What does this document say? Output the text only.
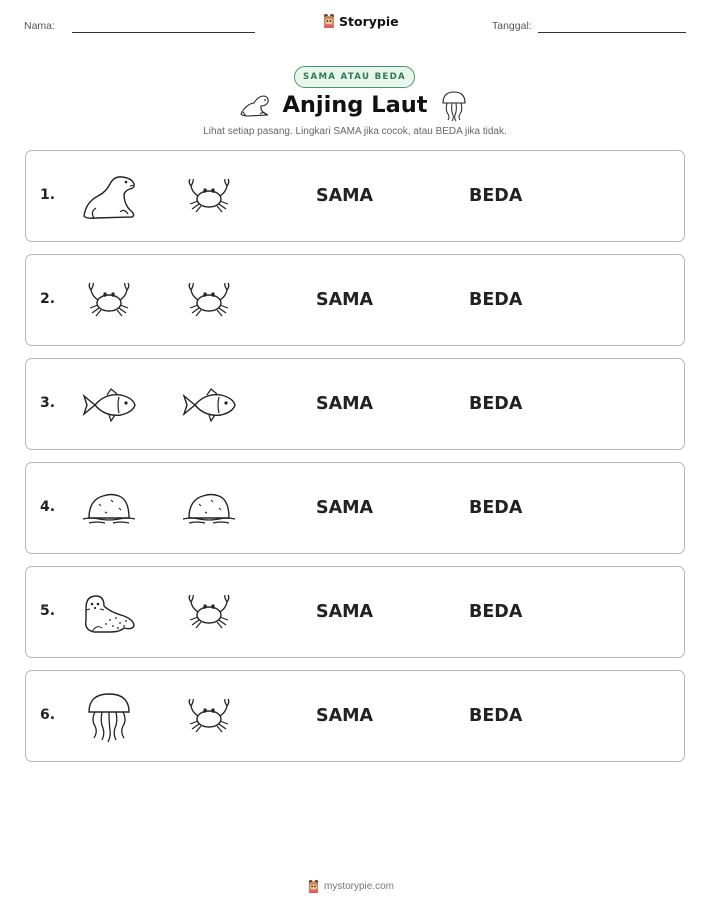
Nama:	Storypie	Tanggal:
SAMA ATAU BEDA
Anjing Laut
Lihat setiap pasang. Lingkari SAMA jika cocok, atau BEDA jika tidak.
1.	SAMA	BEDA
2.	SAMA	BEDA
3.	SAMA	BEDA
4.	SAMA	BEDA
5.	SAMA	BEDA
6.	SAMA	BEDA
mystorypie.com
